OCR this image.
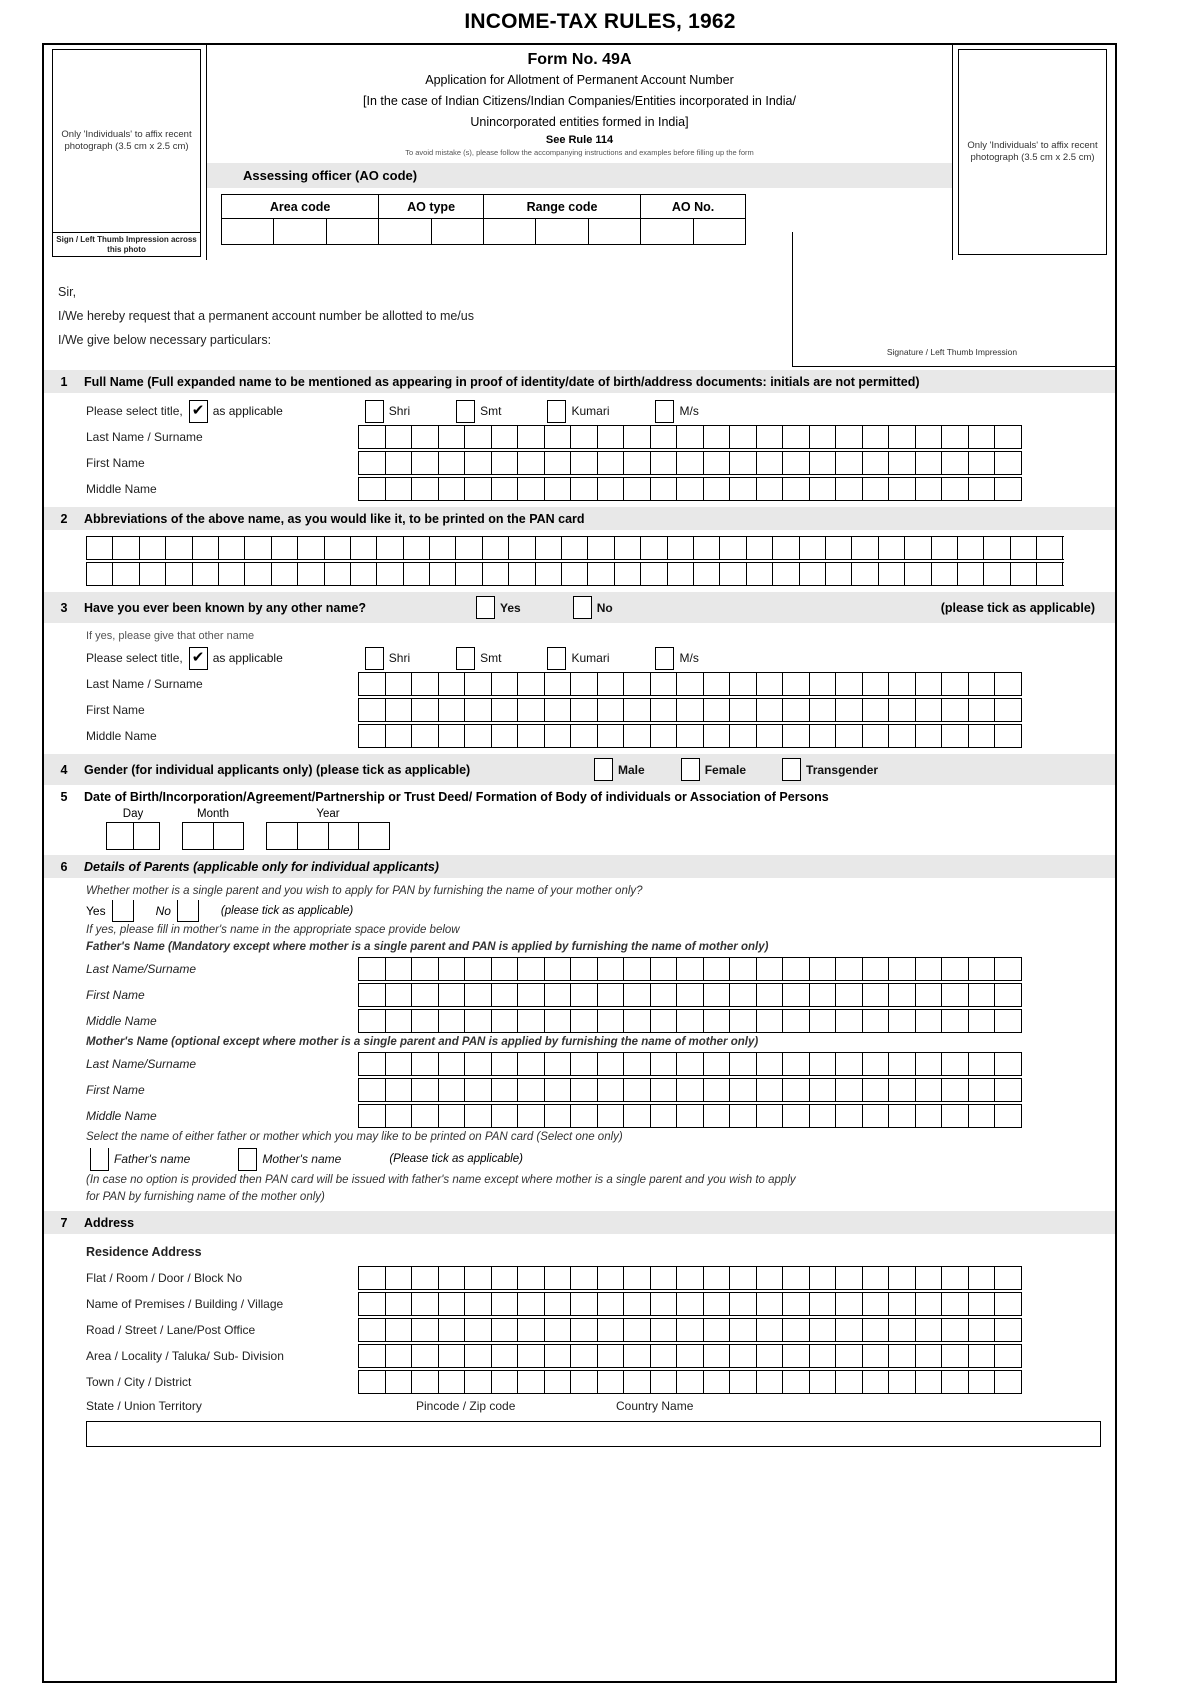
INCOME-TAX RULES, 1962
Only 'Individuals' to affix recent photograph (3.5 cm x 2.5 cm)
Sign / Left Thumb Impression across this photo
Form No. 49A
Application for Allotment of Permanent Account Number
[In the case of Indian Citizens/Indian Companies/Entities incorporated in India/
Unincorporated entities formed in India]
See Rule 114
To avoid mistake (s), please follow the accompanying instructions and examples before filling up the form
Assessing officer (AO code)
Area code			AO type		Range code			AO No.	

Only 'Individuals' to affix recent photograph (3.5 cm x 2.5 cm)
Sir,
I/We hereby request that a permanent account number be allotted to me/us
I/We give below necessary particulars:
Signature / Left Thumb Impression
1	Full Name (Full expanded name to be mentioned as appearing in proof of identity/date of birth/address documents: initials are not permitted)
Please select title, ✔	as applicable	Shri	Smt	Kumari	M/s
Last Name / Surname
First Name
Middle Name
2	Abbreviations of the above name, as you would like it, to be printed on the PAN card
3	Have you ever been known by any other name?	Yes	No	(please tick as applicable)
If yes, please give that other name
Please select title, ✔	as applicable	Shri	Smt	Kumari	M/s
Last Name / Surname
First Name
Middle Name
4	Gender (for individual applicants only) (please tick as applicable)	Male	Female	Transgender
5	Date of Birth/Incorporation/Agreement/Partnership or Trust Deed/ Formation of Body of individuals or Association of Persons
Day	Month	Year
6	Details of Parents (applicable only for individual applicants)
Whether mother is a single parent and you wish to apply for PAN by furnishing the name of your mother only?
Yes	No	(please tick as applicable)
If yes, please fill in mother's name in the appropriate space provide below
Father's Name (Mandatory except where mother is a single parent and PAN is applied by furnishing the name of mother only)
Last Name/Surname
First Name
Middle Name
Mother's Name (optional except where mother is a single parent and PAN is applied by furnishing the name of mother only)
Last Name/Surname
First Name
Middle Name
Select the name of either father or mother which you may like to be printed on PAN card (Select one only)
Father's name	Mother's name	(Please tick as applicable)
(In case no option is provided then PAN card will be issued with father's name except where mother is a single parent and you wish to apply
for PAN by furnishing name of the mother only)
7	Address
Residence Address
Flat / Room / Door / Block No
Name of Premises / Building / Village
Road / Street / Lane/Post Office
Area / Locality / Taluka/ Sub- Division
Town / City / District
State / Union Territory	Pincode / Zip code	Country Name
